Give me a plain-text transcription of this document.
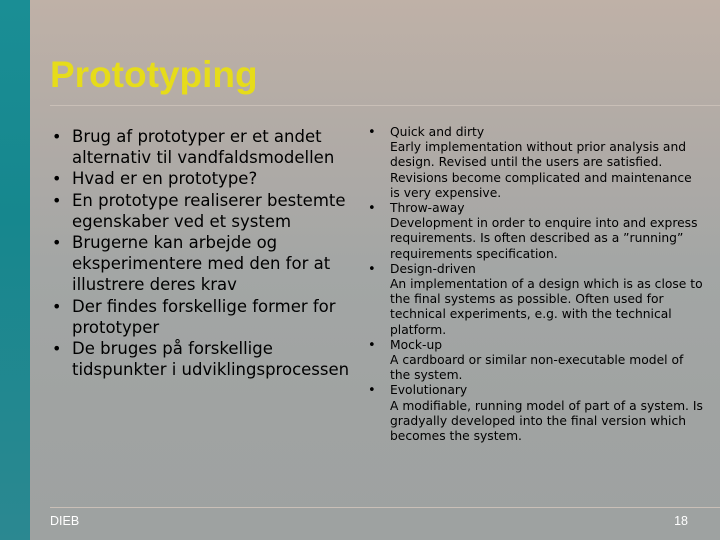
Prototyping
• Brug af prototyper er et andet alternativ til vandfaldsmodellen
• Hvad er en prototype?
• En prototype realiserer bestemte egenskaber ved et system
• Brugerne kan arbejde og eksperimentere med den for at illustrere deres krav
• Der findes forskellige former for prototyper
• De bruges på forskellige tidspunkter i udviklingsprocessen
•	Quick and dirty
Early implementation without prior analysis and design. Revised until the users are satisfied. Revisions become complicated and maintenance is very expensive.
•	Throw-away
Development in order to enquire into and express requirements. Is often described as a ”running” requirements specification.
•	Design-driven
An implementation of a design which is as close to the final systems as possible. Often used for technical experiments, e.g. with the technical platform.
•	Mock-up
A cardboard or similar non-executable model of the system.
•	Evolutionary
A modifiable, running model of part of a system. Is gradyally developed into the final version which becomes the system.
DIEB	18
